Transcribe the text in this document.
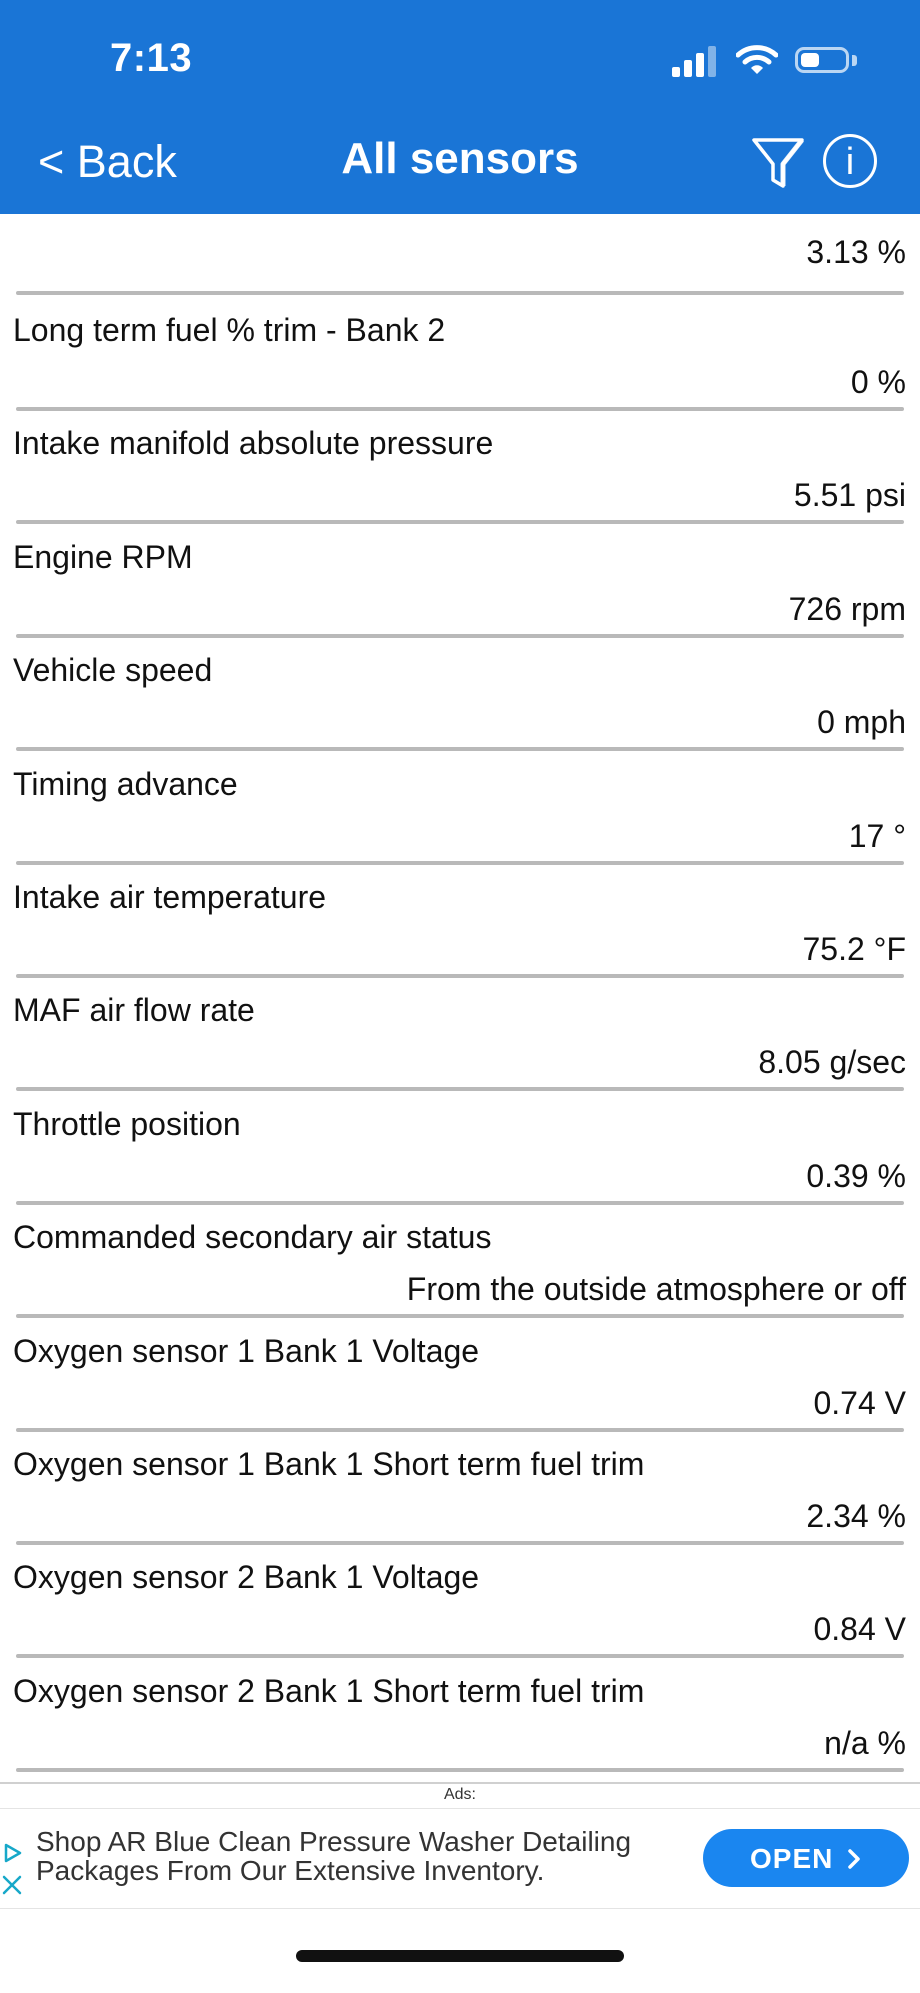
7:13
< Back	All sensors	i
3.13 %
Long term fuel % trim - Bank 2
0 %
Intake manifold absolute pressure
5.51 psi
Engine RPM
726 rpm
Vehicle speed
0 mph
Timing advance
17 °
Intake air temperature
75.2 °F
MAF air flow rate
8.05 g/sec
Throttle position
0.39 %
Commanded secondary air status
From the outside atmosphere or off
Oxygen sensor 1 Bank 1 Voltage
0.74 V
Oxygen sensor 1 Bank 1 Short term fuel trim
2.34 %
Oxygen sensor 2 Bank 1 Voltage
0.84 V
Oxygen sensor 2 Bank 1 Short term fuel trim
n/a %
Ads:
Shop AR Blue Clean Pressure Washer Detailing Packages From Our Extensive Inventory.	OPEN
